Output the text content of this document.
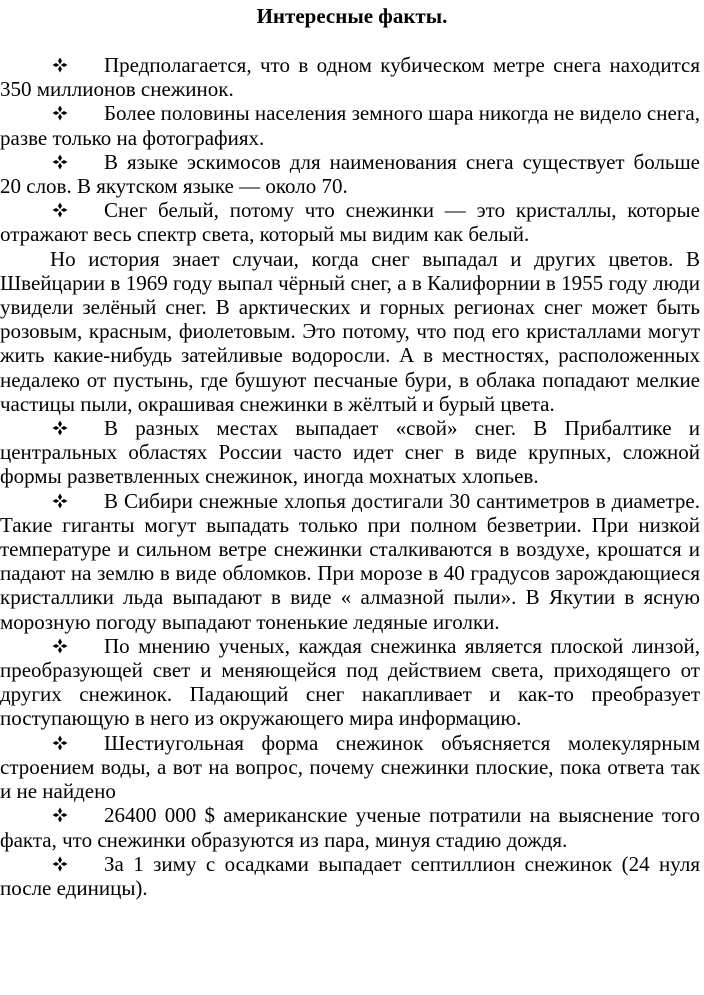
Интересные факты.

Предполагается, что в одном кубическом метре снега находится 350 миллионов снежинок.

Более половины населения земного шара никогда не видело снега, разве только на фотографиях.

В языке эскимосов для наименования снега существует больше 20 слов. В якутском языке — около 70.

Снег белый, потому что снежинки — это кристаллы, которые отражают весь спектр света, который мы видим как белый.

Но история знает случаи, когда снег выпадал и других цветов. В Швейцарии в 1969 году выпал чёрный снег, а в Калифорнии в 1955 году люди увидели зелёный снег. В арктических и горных регионах снег может быть розовым, красным, фиолетовым. Это потому, что под его кристаллами могут жить какие-нибудь затейливые водоросли. А в местностях, расположенных недалеко от пустынь, где бушуют песчаные бури, в облака попадают мелкие частицы пыли, окрашивая снежинки в жёлтый и бурый цвета.

В разных местах выпадает «свой» снег. В Прибалтике и центральных областях России часто идет снег в виде крупных, сложной формы разветвленных снежинок, иногда мохнатых хлопьев.

В Сибири снежные хлопья достигали 30 сантиметров в диаметре. Такие гиганты могут выпадать только при полном безветрии. При низкой температуре и сильном ветре снежинки сталкиваются в воздухе, крошатся и падают на землю в виде обломков. При морозе в 40 градусов зарождающиеся кристаллики льда выпадают в виде « алмазной пыли». В Якутии в ясную морозную погоду выпадают тоненькие ледяные иголки.

По мнению ученых, каждая снежинка является плоской линзой, преобразующей свет и меняющейся под действием света, приходящего от других снежинок. Падающий снег накапливает и как-то преобразует поступающую в него из окружающего мира информацию.

Шестиугольная форма снежинок объясняется молекулярным строением воды, а вот на вопрос, почему снежинки плоские, пока ответа так и не найдено

26400 000 $ американские ученые потратили на выяснение того факта, что снежинки образуются из пара, минуя стадию дождя.

За 1 зиму с осадками выпадает септиллион снежинок (24 нуля после единицы).
